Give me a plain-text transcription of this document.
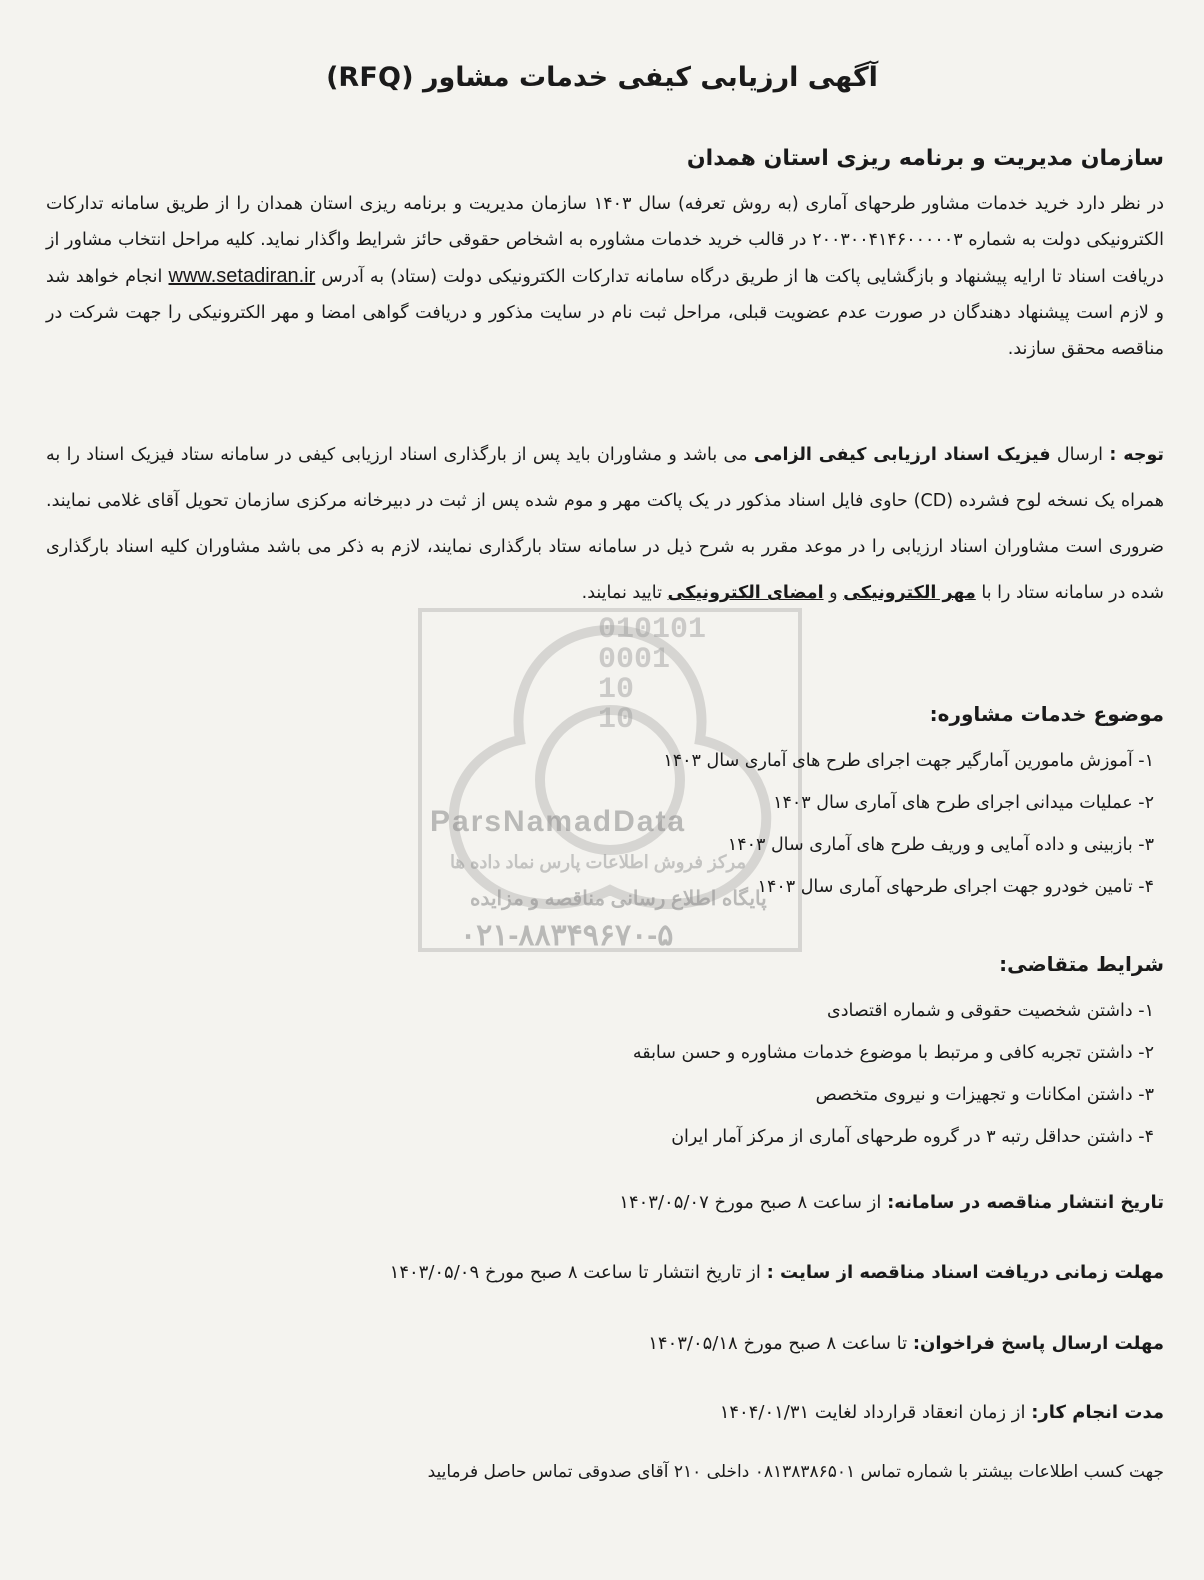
010101
0001
10
10
ParsNamadData
مرکز فروش اطلاعات پارس نماد داده ها
پایگاه اطلاع رسانی مناقصه و مزایده
۰۲۱-۸۸۳۴۹۶۷۰-۵
آگهی ارزیابی کیفی خدمات مشاور (RFQ)
سازمان مدیریت و برنامه ریزی استان همدان
در نظر دارد خرید خدمات مشاور طرحهای آماری (به روش تعرفه) سال ۱۴۰۳ سازمان مدیریت و برنامه ریزی استان همدان را از طریق سامانه تدارکات الکترونیکی دولت به شماره ۲۰۰۳۰۰۴۱۴۶۰۰۰۰۰۳ در قالب خرید خدمات مشاوره به اشخاص حقوقی حائز شرایط واگذار نماید. کلیه مراحل انتخاب مشاور از دریافت اسناد تا ارایه پیشنهاد و بازگشایی پاکت ها از طریق درگاه سامانه تدارکات الکترونیکی دولت (ستاد) به آدرس www.setadiran.ir انجام خواهد شد و لازم است پیشنهاد دهندگان در صورت عدم عضویت قبلی، مراحل ثبت نام در سایت مذکور و دریافت گواهی امضا و مهر الکترونیکی را جهت شرکت در مناقصه محقق سازند.
توجه : ارسال فیزیک اسناد ارزیابی کیفی الزامی می باشد و مشاوران باید پس از بارگذاری اسناد ارزیابی کیفی در سامانه ستاد فیزیک اسناد را به همراه یک نسخه لوح فشرده (CD) حاوی فایل اسناد مذکور در یک پاکت مهر و موم شده پس از ثبت در دبیرخانه مرکزی سازمان تحویل آقای غلامی نمایند. ضروری است مشاوران اسناد ارزیابی را در موعد مقرر به شرح ذیل در سامانه ستاد بارگذاری نمایند، لازم به ذکر می باشد مشاوران کلیه اسناد بارگذاری شده در سامانه ستاد را با مهر الکترونیکی و امضای الکترونیکی تایید نمایند.
موضوع خدمات مشاوره:
۱- آموزش مامورین آمارگیر جهت اجرای طرح های آماری سال ۱۴۰۳
۲- عملیات میدانی اجرای طرح های آماری سال ۱۴۰۳
۳- بازبینی و داده آمایی و وریف طرح های آماری سال ۱۴۰۳
۴- تامین خودرو جهت اجرای طرحهای آماری سال ۱۴۰۳
شرایط متقاضی:
۱- داشتن شخصیت حقوقی و شماره اقتصادی
۲- داشتن تجربه کافی و مرتبط با موضوع خدمات مشاوره و حسن سابقه
۳- داشتن امکانات و تجهیزات و نیروی متخصص
۴- داشتن حداقل رتبه ۳ در گروه طرحهای آماری از مرکز آمار ایران
تاریخ انتشار مناقصه در سامانه: از ساعت ۸ صبح مورخ ۱۴۰۳/۰۵/۰۷
مهلت زمانی دریافت اسناد مناقصه از سایت : از تاریخ انتشار تا ساعت ۸ صبح مورخ ۱۴۰۳/۰۵/۰۹
مهلت ارسال پاسخ فراخوان: تا ساعت ۸ صبح مورخ ۱۴۰۳/۰۵/۱۸
مدت انجام کار: از زمان انعقاد قرارداد لغایت ۱۴۰۴/۰۱/۳۱
جهت کسب اطلاعات بیشتر با شماره تماس ۰۸۱۳۸۳۸۶۵۰۱ داخلی ۲۱۰ آقای صدوقی تماس حاصل فرمایید
